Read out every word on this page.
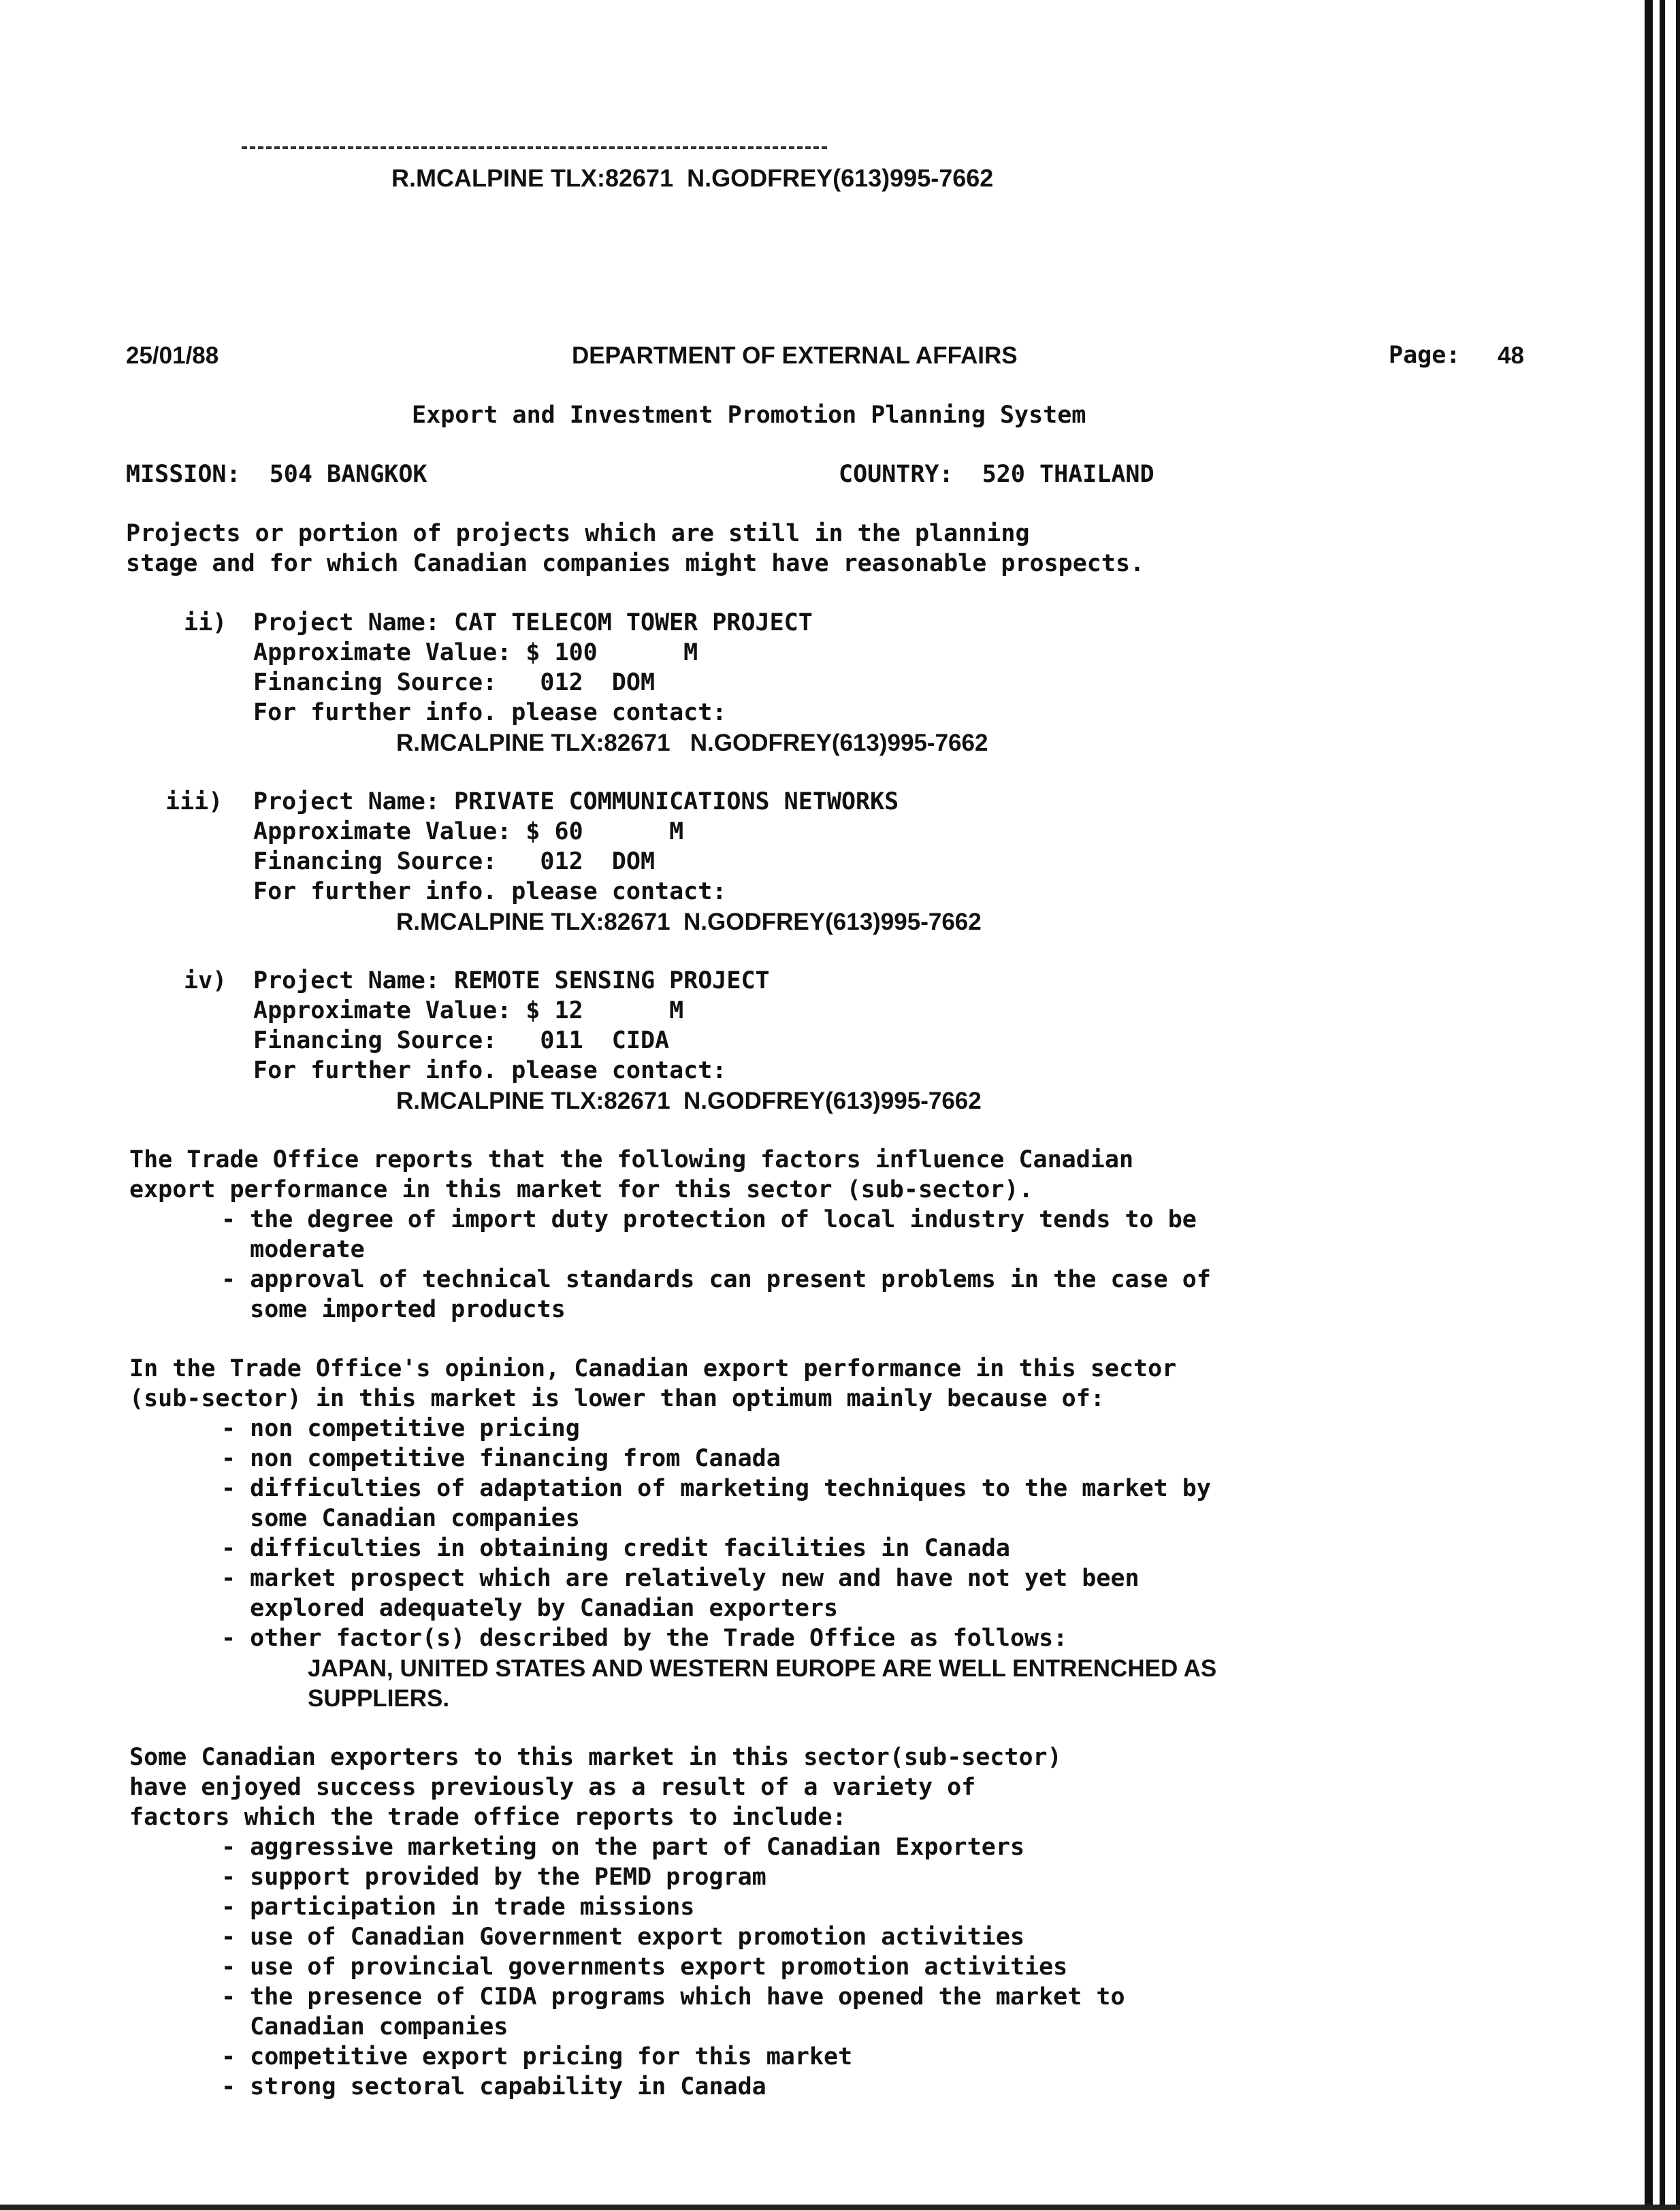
R.MCALPINE TLX:82671  N.GODFREY(613)995-7662
25/01/88	DEPARTMENT OF EXTERNAL AFFAIRS	Page: 48
Export and Investment Promotion Planning System
MISSION:  504 BANGKOK	COUNTRY:  520 THAILAND
Projects or portion of projects which are still in the planning
stage and for which Canadian companies might have reasonable prospects.
ii) Project Name: CAT TELECOM TOWER PROJECT
Approximate Value: $ 100      M
Financing Source:   012  DOM
For further info. please contact:
R.MCALPINE TLX:82671   N.GODFREY(613)995-7662
iii) Project Name: PRIVATE COMMUNICATIONS NETWORKS
Approximate Value: $ 60      M
Financing Source:   012  DOM
For further info. please contact:
R.MCALPINE TLX:82671  N.GODFREY(613)995-7662
iv) Project Name: REMOTE SENSING PROJECT
Approximate Value: $ 12      M
Financing Source:   011  CIDA
For further info. please contact:
R.MCALPINE TLX:82671  N.GODFREY(613)995-7662
The Trade Office reports that the following factors influence Canadian
export performance in this market for this sector (sub-sector).
- the degree of import duty protection of local industry tends to be
moderate
- approval of technical standards can present problems in the case of
some imported products
In the Trade Office's opinion, Canadian export performance in this sector
(sub-sector) in this market is lower than optimum mainly because of:
- non competitive pricing
- non competitive financing from Canada
- difficulties of adaptation of marketing techniques to the market by
some Canadian companies
- difficulties in obtaining credit facilities in Canada
- market prospect which are relatively new and have not yet been
explored adequately by Canadian exporters
- other factor(s) described by the Trade Office as follows:
JAPAN, UNITED STATES AND WESTERN EUROPE ARE WELL ENTRENCHED AS
SUPPLIERS.
Some Canadian exporters to this market in this sector(sub-sector)
have enjoyed success previously as a result of a variety of
factors which the trade office reports to include:
- aggressive marketing on the part of Canadian Exporters
- support provided by the PEMD program
- participation in trade missions
- use of Canadian Government export promotion activities
- use of provincial governments export promotion activities
- the presence of CIDA programs which have opened the market to
Canadian companies
- competitive export pricing for this market
- strong sectoral capability in Canada
